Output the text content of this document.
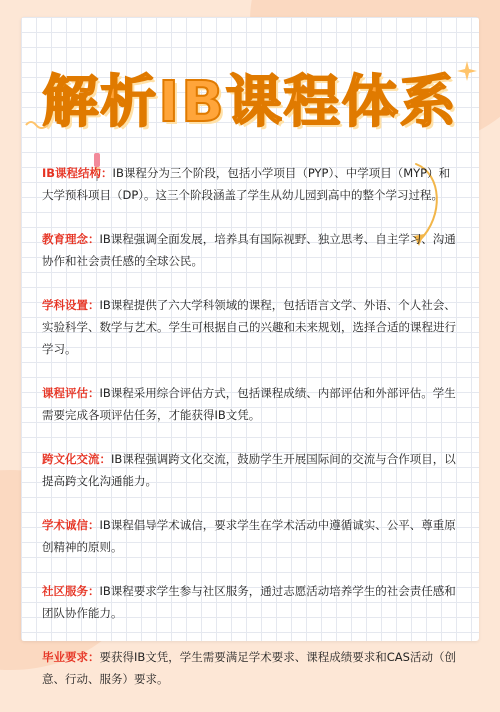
解析IB课程体系

IB课程结构：IB课程分为三个阶段，包括小学项目（PYP）、中学项目（MYP）和大学预科项目（DP）。这三个阶段涵盖了学生从幼儿园到高中的整个学习过程。

教育理念：IB课程强调全面发展，培养具有国际视野、独立思考、自主学习、沟通协作和社会责任感的全球公民。

学科设置：IB课程提供了六大学科领域的课程，包括语言文学、外语、个人社会、实验科学、数学与艺术。学生可根据自己的兴趣和未来规划，选择合适的课程进行学习。

课程评估：IB课程采用综合评估方式，包括课程成绩、内部评估和外部评估。学生需要完成各项评估任务，才能获得IB文凭。

跨文化交流：IB课程强调跨文化交流，鼓励学生开展国际间的交流与合作项目，以提高跨文化沟通能力。

学术诚信：IB课程倡导学术诚信，要求学生在学术活动中遵循诚实、公平、尊重原创精神的原则。

社区服务：IB课程要求学生参与社区服务，通过志愿活动培养学生的社会责任感和团队协作能力。

毕业要求：要获得IB文凭，学生需要满足学术要求、课程成绩要求和CAS活动（创意、行动、服务）要求。
